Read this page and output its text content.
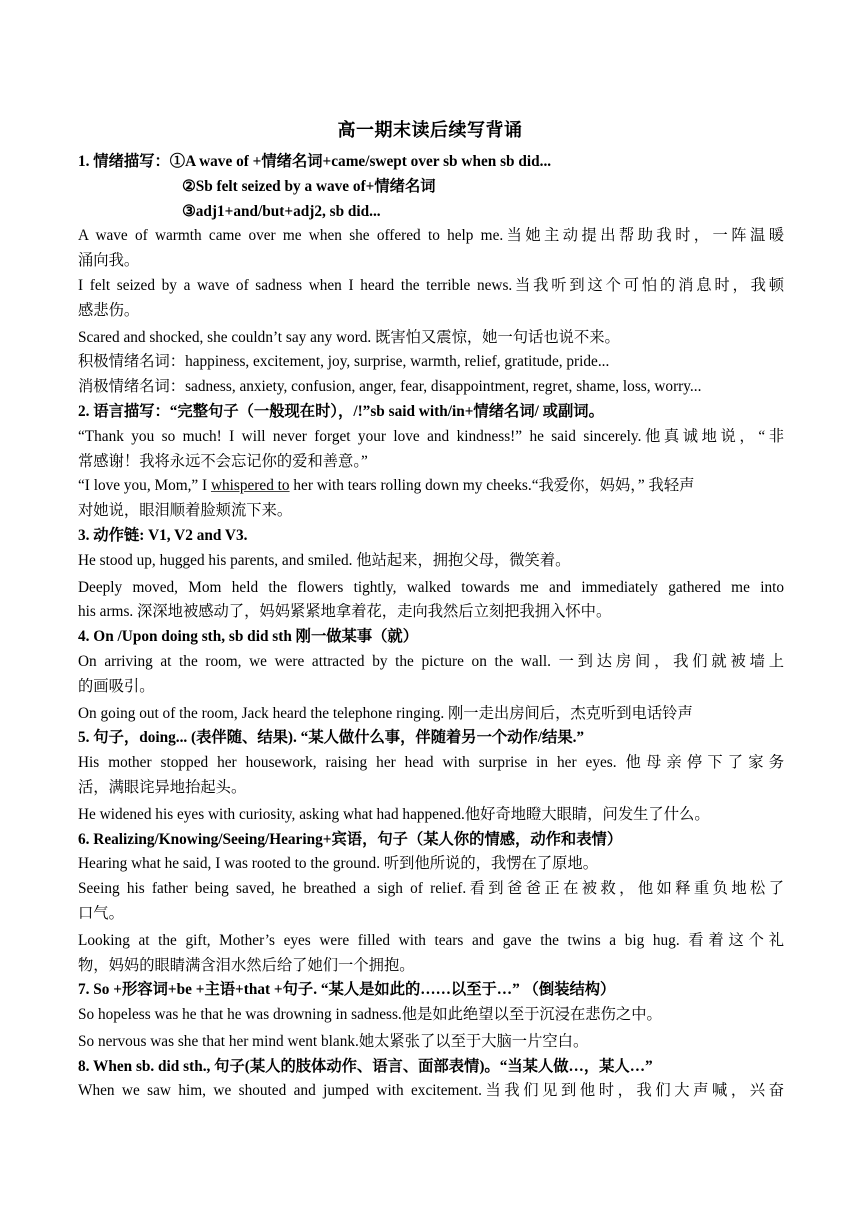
高一期末读后续写背诵
1. 情绪描写：①A wave of +情绪名词+came/swept over sb when sb did...
②Sb felt seized by a wave of+情绪名词
③adj1+and/but+adj2, sb did...
A wave of warmth came over me when she offered to help me.当她主动提出帮助我时，一阵温暖
涌向我。
I felt seized by a wave of sadness when I heard the terrible news.当我听到这个可怕的消息时，我顿
感悲伤。
Scared and shocked, she couldn’t say any word. 既害怕又震惊，她一句话也说不来。
积极情绪名词：happiness, excitement, joy, surprise, warmth, relief, gratitude, pride...
消极情绪名词：sadness, anxiety, confusion, anger, fear, disappointment, regret, shame, loss, worry...
2. 语言描写：“完整句子（一般现在时），/!”sb said with/in+情绪名词/ 或副词。
“Thank you so much! I will never forget your love and kindness!” he said sincerely.他真诚地说，“非
常感谢！我将永远不会忘记你的爱和善意。”
“I love you, Mom,” I whispered to her with tears rolling down my cheeks.“我爱你，妈妈，” 我轻声
对她说，眼泪顺着脸颊流下来。
3. 动作链: V1, V2 and V3.
He stood up, hugged his parents, and smiled. 他站起来，拥抱父母，微笑着。
Deeply moved, Mom held the flowers tightly, walked towards me and immediately gathered me into
his arms. 深深地被感动了，妈妈紧紧地拿着花，走向我然后立刻把我拥入怀中。
4. On /Upon doing sth, sb did sth 刚一做某事（就）
On arriving at the room, we were attracted by the picture on the wall. 一到达房间，我们就被墙上
的画吸引。
On going out of the room, Jack heard the telephone ringing. 刚一走出房间后，杰克听到电话铃声
5. 句子，doing... (表伴随、结果). “某人做什么事，伴随着另一个动作/结果.”
His mother stopped her housework, raising her head with surprise in her eyes. 他母亲停下了家务
活，满眼诧异地抬起头。
He widened his eyes with curiosity, asking what had happened.他好奇地瞪大眼睛，问发生了什么。
6. Realizing/Knowing/Seeing/Hearing+宾语，句子（某人你的情感，动作和表情）
Hearing what he said, I was rooted to the ground. 听到他所说的，我愣在了原地。
Seeing his father being saved, he breathed a sigh of relief.看到爸爸正在被救，他如释重负地松了
口气。
Looking at the gift, Mother’s eyes were filled with tears and gave the twins a big hug. 看着这个礼
物，妈妈的眼睛满含泪水然后给了她们一个拥抱。
7. So +形容词+be +主语+that +句子. “某人是如此的……以至于…” （倒装结构）
So hopeless was he that he was drowning in sadness.他是如此绝望以至于沉浸在悲伤之中。
So nervous was she that her mind went blank.她太紧张了以至于大脑一片空白。
8. When sb. did sth., 句子(某人的肢体动作、语言、面部表情)。“当某人做…，某人…”
When we saw him, we shouted and jumped with excitement.当我们见到他时，我们大声喊，兴奋
